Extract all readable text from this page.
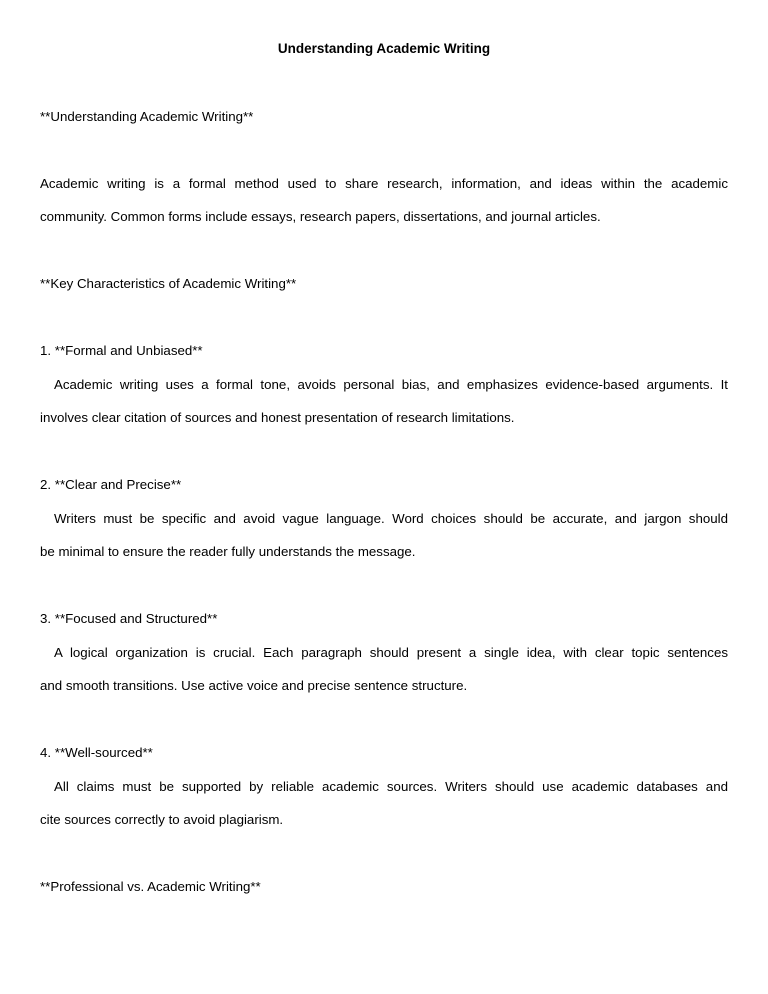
Understanding Academic Writing

**Understanding Academic Writing**

Academic writing is a formal method used to share research, information, and ideas within the academic

community. Common forms include essays, research papers, dissertations, and journal articles.

**Key Characteristics of Academic Writing**

1. **Formal and Unbiased**

Academic writing uses a formal tone, avoids personal bias, and emphasizes evidence-based arguments. It

involves clear citation of sources and honest presentation of research limitations.

2. **Clear and Precise**

Writers must be specific and avoid vague language. Word choices should be accurate, and jargon should

be minimal to ensure the reader fully understands the message.

3. **Focused and Structured**

A logical organization is crucial. Each paragraph should present a single idea, with clear topic sentences

and smooth transitions. Use active voice and precise sentence structure.

4. **Well-sourced**

All claims must be supported by reliable academic sources. Writers should use academic databases and

cite sources correctly to avoid plagiarism.

**Professional vs. Academic Writing**
